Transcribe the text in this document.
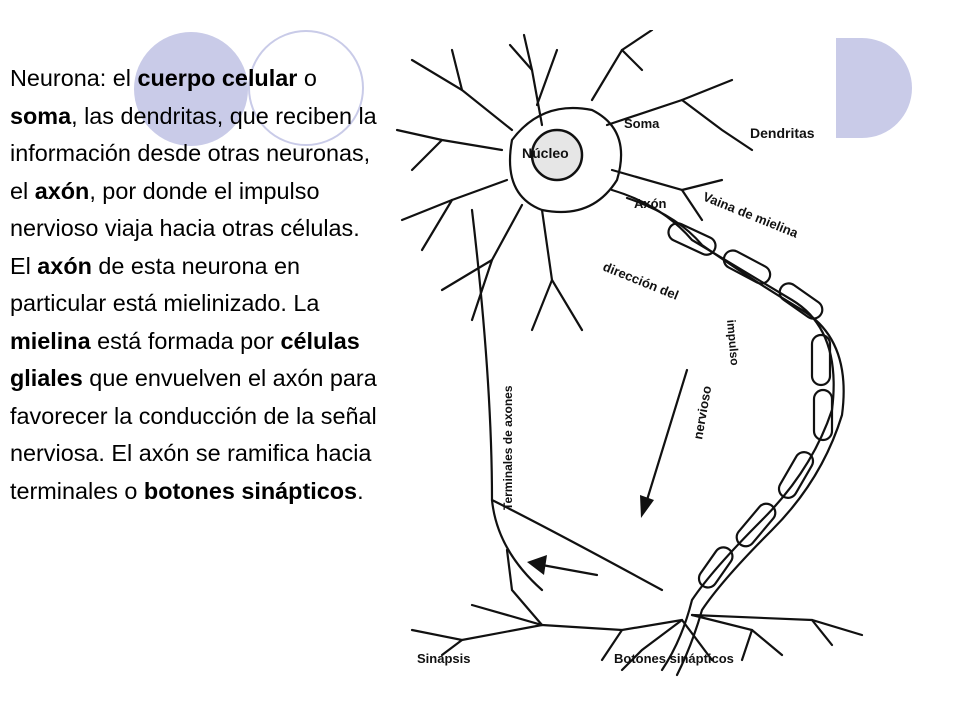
Neurona: el cuerpo celular o soma, las dendritas, que reciben la información desde otras neuronas, el axón, por donde el impulso nervioso viaja hacia otras células. El axón de esta neurona en particular está mielinizado. La mielina está formada por células gliales que envuelven el axón para favorecer la conducción de la señal nerviosa. El axón se ramifica hacia terminales o botones sinápticos.

Núcleo
Soma
Dendritas
Axón	Vaina de mielina
dirección del
impulso
nervioso
Terminales de axones
Sinapsis	Botones sinápticos
